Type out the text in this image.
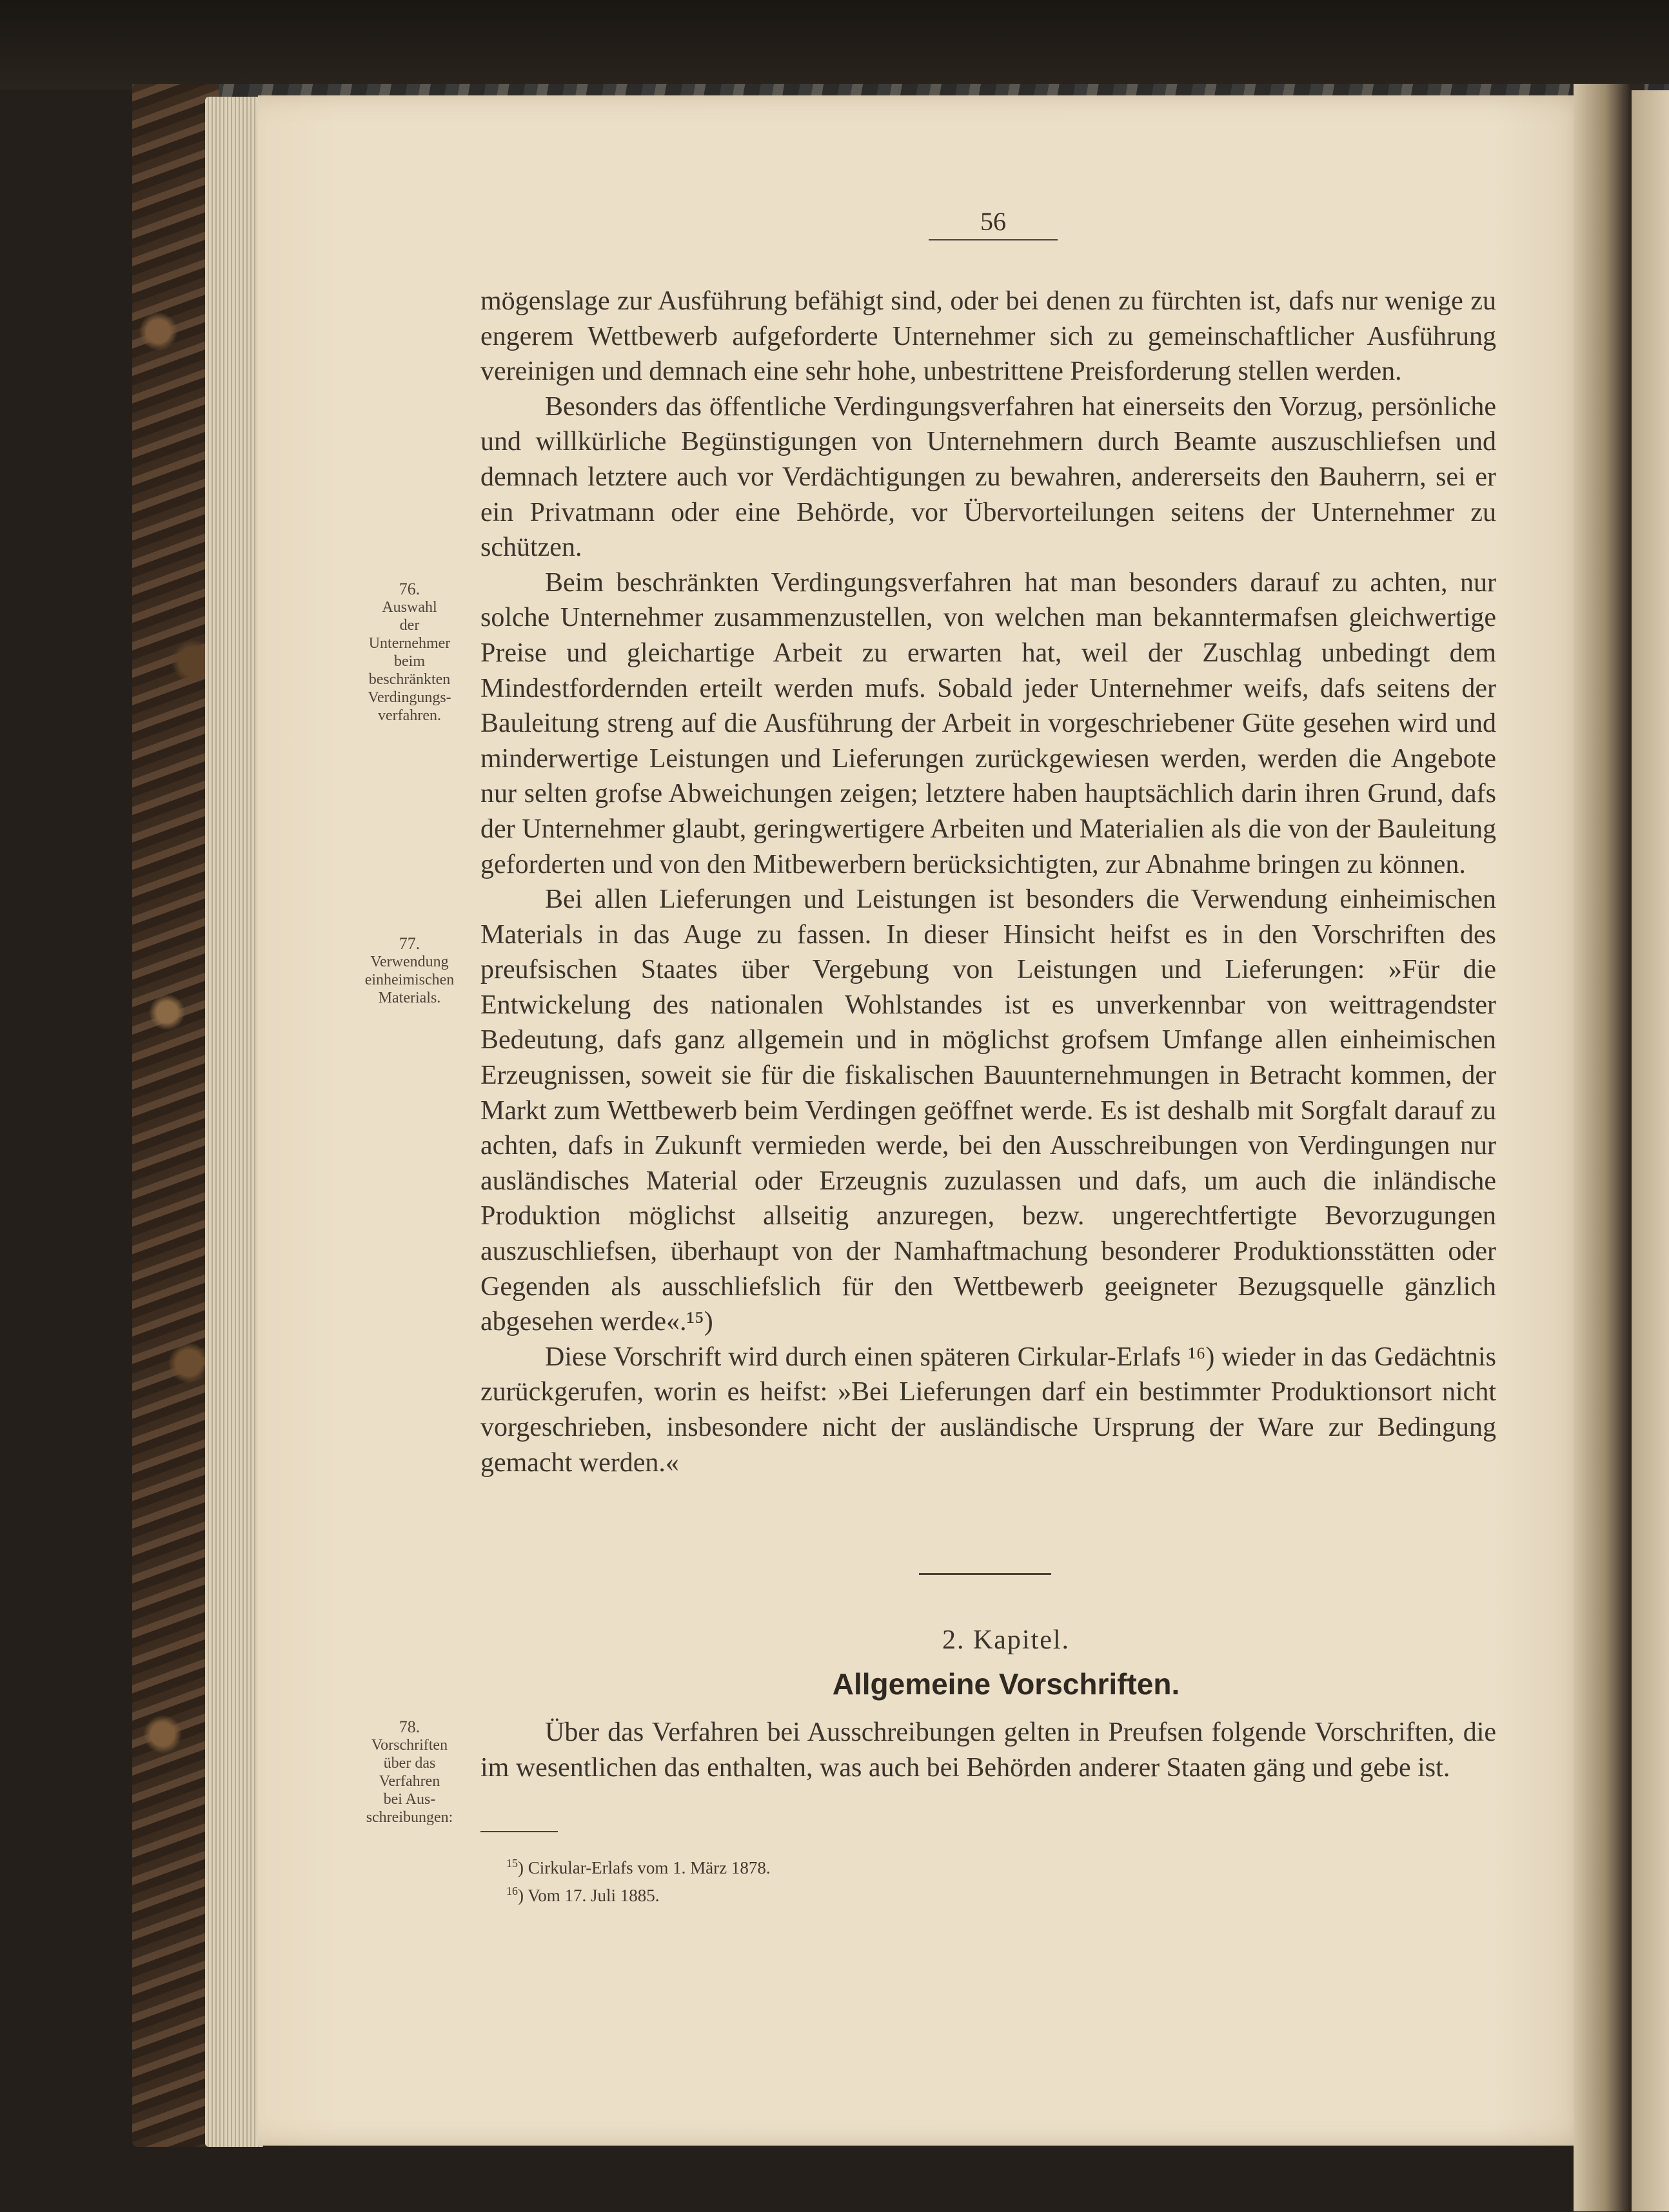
56

mögenslage zur Ausführung befähigt sind, oder bei denen zu fürchten ist, dafs nur wenige zu engerem Wettbewerb aufgeforderte Unternehmer sich zu gemeinschaftlicher Ausführung vereinigen und demnach eine sehr hohe, unbestrittene Preisforderung stellen werden.

Besonders das öffentliche Verdingungsverfahren hat einerseits den Vorzug, persönliche und willkürliche Begünstigungen von Unternehmern durch Beamte auszuschliefsen und demnach letztere auch vor Verdächtigungen zu bewahren, andererseits den Bauherrn, sei er ein Privatmann oder eine Behörde, vor Übervorteilungen seitens der Unternehmer zu schützen.

Beim beschränkten Verdingungsverfahren hat man besonders darauf zu achten, nur solche Unternehmer zusammenzustellen, von welchen man bekanntermafsen gleichwertige Preise und gleichartige Arbeit zu erwarten hat, weil der Zuschlag unbedingt dem Mindestfordernden erteilt werden mufs. Sobald jeder Unternehmer weifs, dafs seitens der Bauleitung streng auf die Ausführung der Arbeit in vorgeschriebener Güte gesehen wird und minderwertige Leistungen und Lieferungen zurückgewiesen werden, werden die Angebote nur selten grofse Abweichungen zeigen; letztere haben hauptsächlich darin ihren Grund, dafs der Unternehmer glaubt, geringwertigere Arbeiten und Materialien als die von der Bauleitung geforderten und von den Mitbewerbern berücksichtigten, zur Abnahme bringen zu können.

Bei allen Lieferungen und Leistungen ist besonders die Verwendung einheimischen Materials in das Auge zu fassen. In dieser Hinsicht heifst es in den Vorschriften des preufsischen Staates über Vergebung von Leistungen und Lieferungen: »Für die Entwickelung des nationalen Wohlstandes ist es unverkennbar von weittragendster Bedeutung, dafs ganz allgemein und in möglichst grofsem Umfange allen einheimischen Erzeugnissen, soweit sie für die fiskalischen Bauunternehmungen in Betracht kommen, der Markt zum Wettbewerb beim Verdingen geöffnet werde. Es ist deshalb mit Sorgfalt darauf zu achten, dafs in Zukunft vermieden werde, bei den Ausschreibungen von Verdingungen nur ausländisches Material oder Erzeugnis zuzulassen und dafs, um auch die inländische Produktion möglichst allseitig anzuregen, bezw. ungerechtfertigte Bevorzugungen auszuschliefsen, überhaupt von der Namhaftmachung besonderer Produktionsstätten oder Gegenden als ausschliefslich für den Wettbewerb geeigneter Bezugsquelle gänzlich abgesehen werde«.¹⁵)

Diese Vorschrift wird durch einen späteren Cirkular-Erlafs ¹⁶) wieder in das Gedächtnis zurückgerufen, worin es heifst: »Bei Lieferungen darf ein bestimmter Produktionsort nicht vorgeschrieben, insbesondere nicht der ausländische Ursprung der Ware zur Bedingung gemacht werden.«

76.
Auswahl
der
Unternehmer
beim
beschränkten
Verdingungs-
verfahren.
77.
Verwendung
einheimischen
Materials.
78.
Vorschriften
über das
Verfahren
bei Aus-
schreibungen:
2. Kapitel.
Allgemeine Vorschriften.

Über das Verfahren bei Ausschreibungen gelten in Preufsen folgende Vorschriften, die im wesentlichen das enthalten, was auch bei Behörden anderer Staaten gäng und gebe ist.

$^{15}$) Cirkular-Erlafs vom 1. März 1878.
$^{16}$) Vom 17. Juli 1885.
